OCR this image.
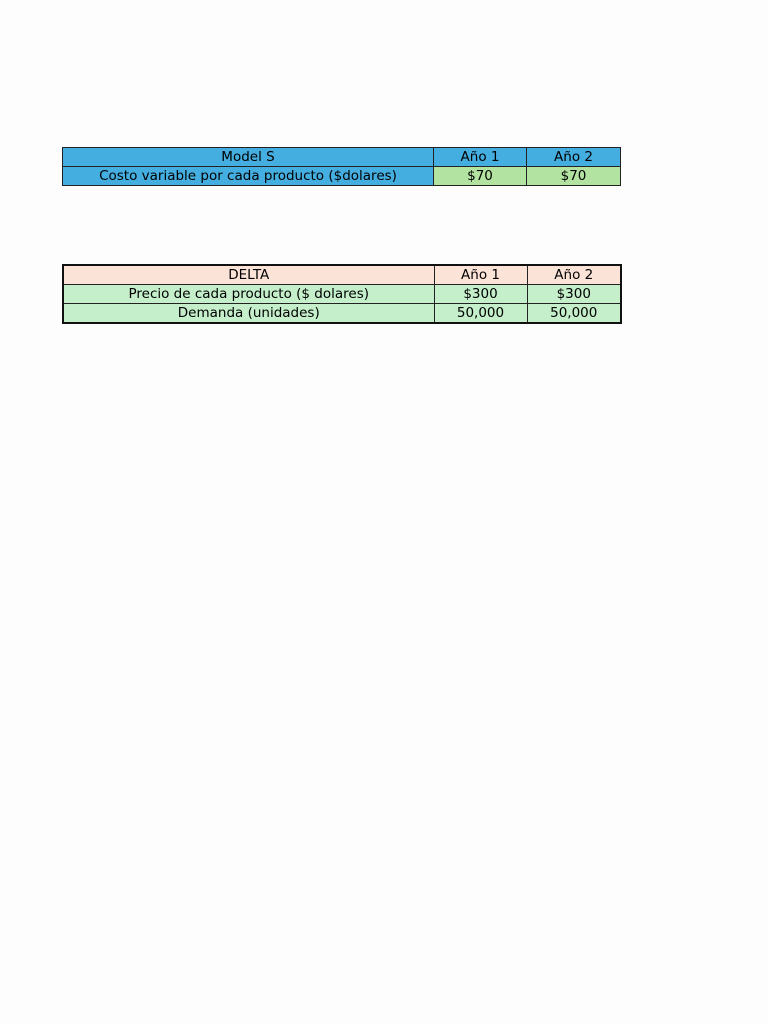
Model S	Año 1	Año 2
Costo variable por cada producto ($dolares)	$70	$70
DELTA	Año 1	Año 2
Precio de cada producto ($ dolares)	$300	$300
Demanda (unidades)	50,000	50,000
